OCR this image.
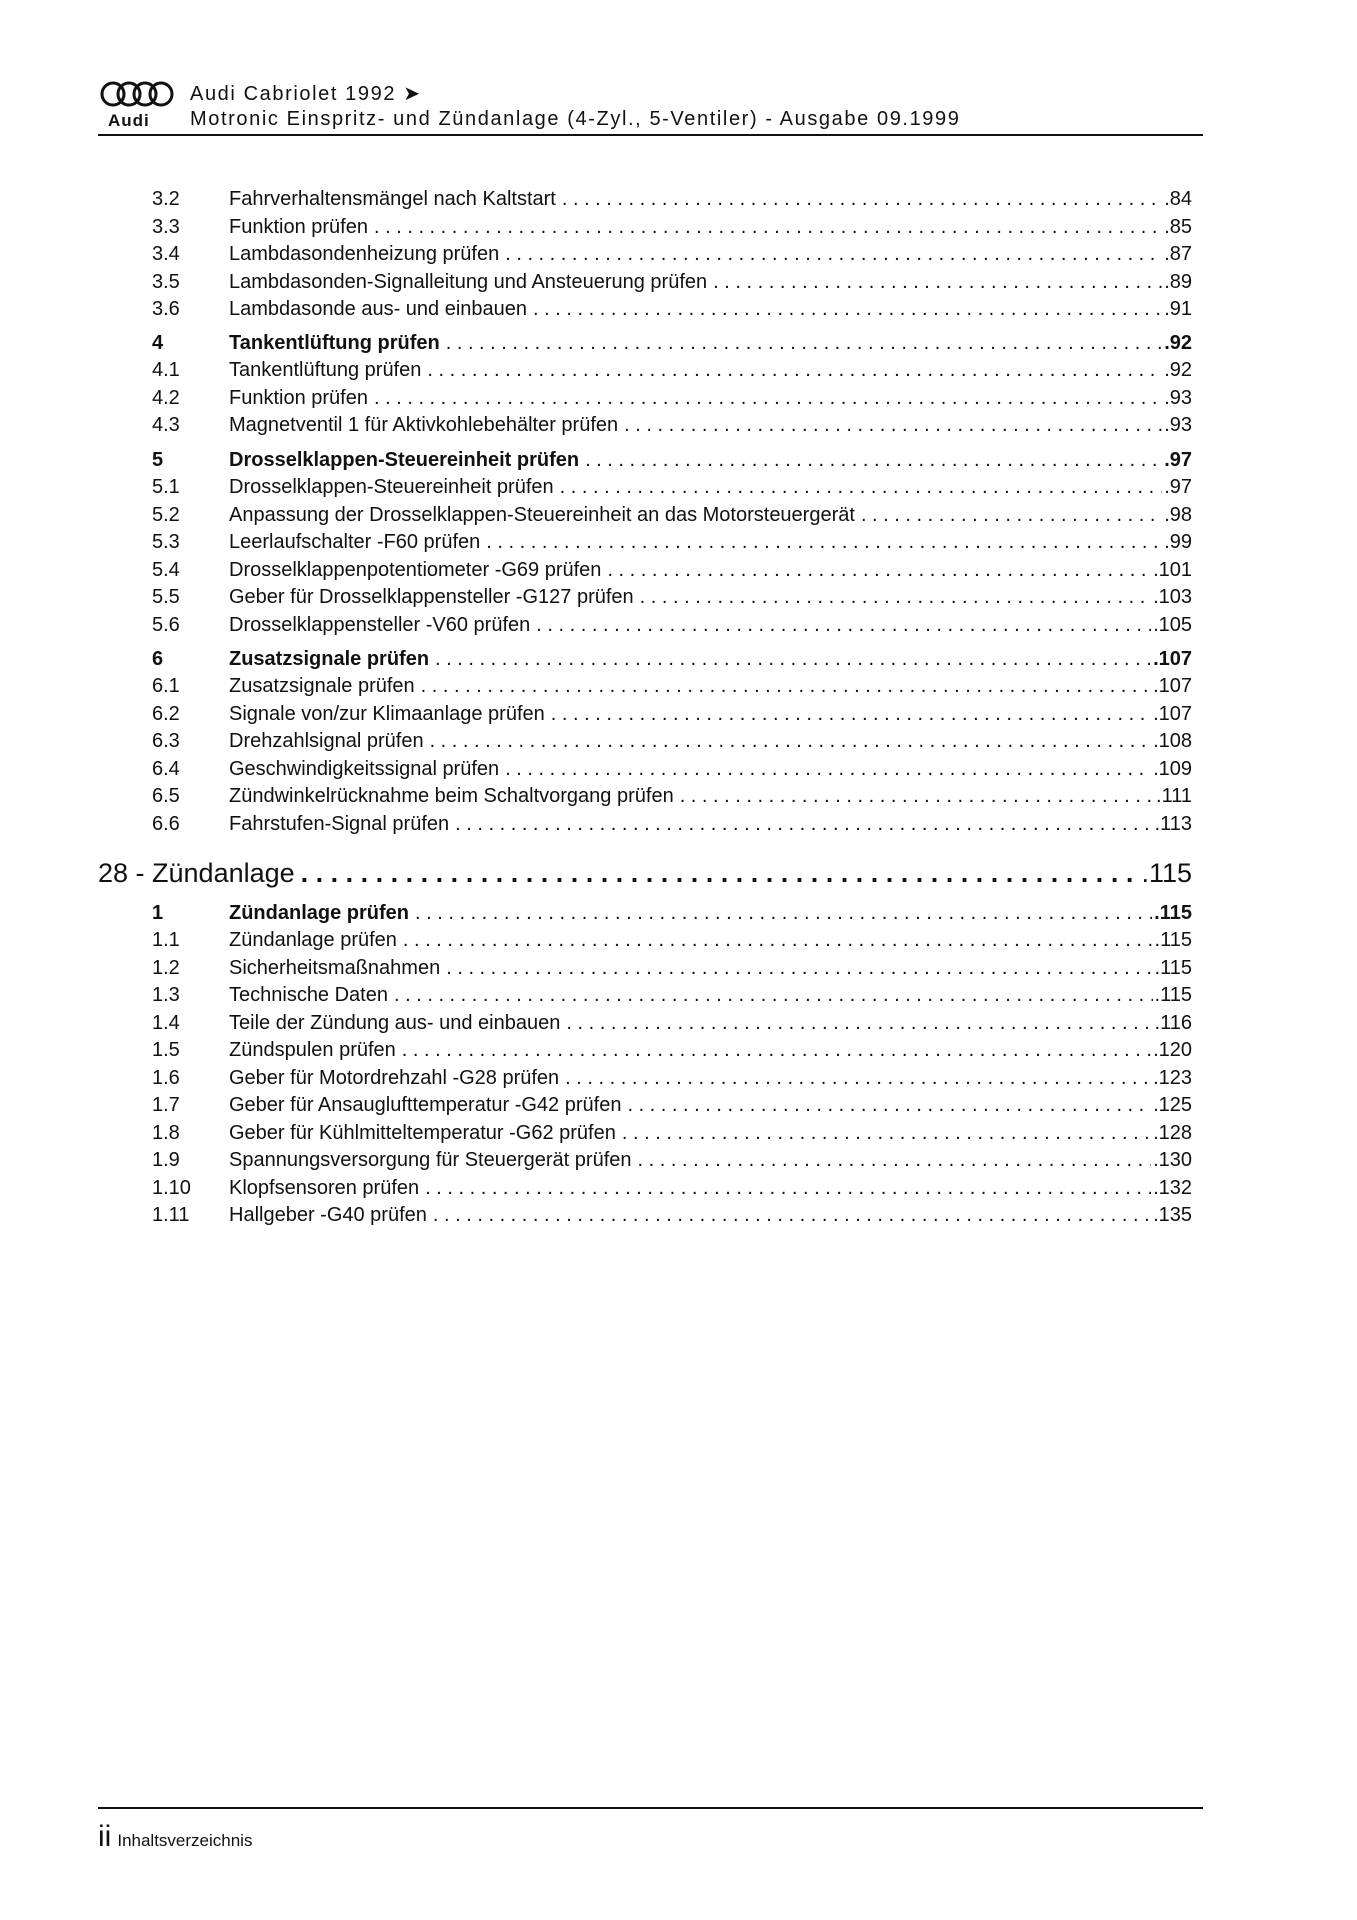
Audi
Audi Cabriolet 1992 ➤
Motronic Einspritz- und Zündanlage (4-Zyl., 5-Ventiler) - Ausgabe 09.1999
3.2	Fahrverhaltensmängel nach Kaltstart . . .	.84
3.3	Funktion prüfen . . .	.85
3.4	Lambdasondenheizung prüfen . . .	.87
3.5	Lambdasonden-Signalleitung und Ansteuerung prüfen . . .	.89
3.6	Lambdasonde aus- und einbauen . . .	.91
4	Tankentlüftung prüfen . . .	.92
4.1	Tankentlüftung prüfen . . .	.92
4.2	Funktion prüfen . . .	.93
4.3	Magnetventil 1 für Aktivkohlebehälter prüfen . . .	.93
5	Drosselklappen-Steuereinheit prüfen . . .	.97
5.1	Drosselklappen-Steuereinheit prüfen . . .	.97
5.2	Anpassung der Drosselklappen-Steuereinheit an das Motorsteuergerät . . .	.98
5.3	Leerlaufschalter -F60 prüfen . . .	.99
5.4	Drosselklappenpotentiometer -G69 prüfen . . .	.101
5.5	Geber für Drosselklappensteller -G127 prüfen . . .	.103
5.6	Drosselklappensteller -V60 prüfen . . .	.105
6	Zusatzsignale prüfen . . .	.107
6.1	Zusatzsignale prüfen . . .	.107
6.2	Signale von/zur Klimaanlage prüfen . . .	.107
6.3	Drehzahlsignal prüfen . . .	.108
6.4	Geschwindigkeitssignal prüfen . . .	.109
6.5	Zündwinkelrücknahme beim Schaltvorgang prüfen . . .	.111
6.6	Fahrstufen-Signal prüfen . . .	.113
28 - Zündanlage . . .	.115
1	Zündanlage prüfen . . .	.115
1.1	Zündanlage prüfen . . .	.115
1.2	Sicherheitsmaßnahmen . . .	.115
1.3	Technische Daten . . .	.115
1.4	Teile der Zündung aus- und einbauen . . .	.116
1.5	Zündspulen prüfen . . .	.120
1.6	Geber für Motordrehzahl -G28 prüfen . . .	.123
1.7	Geber für Ansauglufttemperatur -G42 prüfen . . .	.125
1.8	Geber für Kühlmitteltemperatur -G62 prüfen . . .	.128
1.9	Spannungsversorgung für Steuergerät prüfen . . .	.130
1.10	Klopfsensoren prüfen . . .	.132
1.11	Hallgeber -G40 prüfen . . .	.135
ii Inhaltsverzeichnis
